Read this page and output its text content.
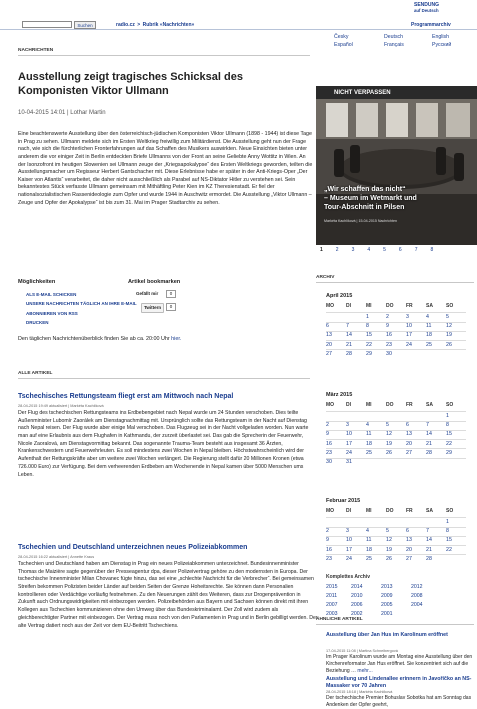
Suchen	radio.cz > Rubrik «Nachrichten»
SENDUNG
auf Deutsch
Programmarchiv
Česky	Deutsch	English
Español	Français	Русский
NACHRICHTEN
Ausstellung zeigt tragisches Schicksal des Komponisten Viktor Ullmann
10-04-2015 14:01 | Lothar Martin
Eine beachtenswerte Ausstellung über den österreichisch-jüdischen Komponisten Viktor Ullmann (1898 - 1944) ist diese Tage in Prag zu sehen. Ullmann meldete sich im Ersten Weltkrieg freiwillig zum Militärdienst. Die Ausstellung geht nun der Frage nach, wie sich die fürchterlichen Fronterfahrungen auf das Schaffen des Musikers auswirkten. Neue Einsichten bieten unter anderem die vor einiger Zeit in Berlin entdeckten Briefe Ullmanns von der Front an seine Geliebte Anny Wottitz in Wien. An der Isonzofront im heutigen Slowenien sei Ullmann zeuge der „Kriegsapokalypse“ des Ersten Weltkriegs geworden, teilten die Ausstellungsmacher um Regisseur Herbert Gantschacher mit. Diese Erlebnisse habe er später in der Anti-Kriegs-Oper „Der Kaiser von Atlantis“ verarbeitet, die daher nicht ausschließlich als Parabel auf NS-Diktator Hitler zu verstehen sei. Sein bekanntestes Stück verfasste Ullmann gemeinsam mit Mithäftling Peter Kien im KZ Theresienstadt. Er fiel der nationalsozialistischen Rassenideologie zum Opfer und wurde 1944 in Auschwitz ermordet. Die Ausstellung „Viktor Ullmann – Zeuge und Opfer der Apokalypse“ ist bis zum 31. Mai im Prager Stadtarchiv zu sehen.
Möglichkeiten
ALS E-MAIL SCHICKEN
UNSERE NACHRICHTEN TÄGLICH AN IHRE E-MAIL
ABONNIEREN VON RSS
DRUCKEN
Artikel bookmarken
Gefällt mir	0
Twittern	0
Den täglichen Nachrichtenüberblick finden Sie ab ca. 20:00 Uhr hier.
ALLE ARTIKEL
Tschechisches Rettungsteam fliegt erst am Mittwoch nach Nepal
28-04-2015 19:49 aktualisiert | Markéta Kachlíková
Der Flug des tschechischen Rettungsteams ins Erdbebengebiet nach Nepal wurde um 24 Stunden verschoben. Dies teilte Außenminister Lubomír Zaorálek am Dienstagnachmittag mit. Ursprünglich sollte das Rettungsteam in der Nacht auf Dienstag nach Nepal reisen. Der Flug wurde aber einige Mal verschoben. Das Flugzeug sei in der Nacht vollgeladen worden. Nun warte man auf eine Erlaubnis aus dem Flughafen in Kathmandu, der zurzeit überlastet sei. Das gab die Sprecherin der Feuerwehr, Nicole Zaoralová, am Dienstagvormittag bekannt. Das sogenannte Trauma-Team besteht aus insgesamt 36 Ärzten, Krankenschwestern und Feuerwehrleuten. Es soll mindestens zwei Wochen in Nepal bleiben. Höchstwahrscheinlich wird der Aufenthalt der Rettungskräfte aber um weitere zwei Wochen verlängert. Die Regierung stellt dafür 20 Millionen Kronen (etwa 726.000 Euro) zur Verfügung. Bei dem verheerenden Erdbeben am Wochenende in Nepal kamen über 5000 Menschen ums Leben.
Tschechien und Deutschland unterzeichnen neues Polizeiabkommen
28-04-2015 16:22 aktualisiert | Annette Kraus
Tschechien und Deutschland haben am Dienstag in Prag ein neues Polizeiabkommen unterzeichnet. Bundesinnenminister Thomas de Maizière sagte gegenüber der Presseagentur dpa, dieser Polizeivertrag gehöre zu den modernsten in Europa. Der tschechische Innenminister Milan Chovanec fügte hinzu, das sei eine „schlechte Nachricht für die Verbrecher“. Bei gemeinsamen Streifen bekommen Polizisten beider Länder auf beiden Seiten der Grenze Hoheitsrechte. Sie können dann Personalien kontrollieren oder Verdächtige vorläufig festnehmen. Zu den Neuerungen zählt des Weiteren, dass zur Drogenprävention in Zukunft auch Ordnungswidrigkeiten mit einbezogen werden. Polizeibehörden aus Bayern und Sachsen können direkt mit ihren Kollegen aus Tschechien kommunizieren ohne den Umweg über das Bundeskriminalamt. Der Zoll wird zudem als gleichberechtigter Partner mit einbezogen. Der Vertrag muss noch von den Parlamenten in Prag und in Berlin gebilligt werden. Der alte Vertrag datiert noch aus der Zeit vor dem EU-Beitritt Tschechiens.
NICHT VERPASSEN
„Wir schaffen das nicht“
– Museum im Wetmarkt und
Tour-Abschnitt in Pilsen
Markéta Kachlíková | 15-04-2015 Nachrichten
1	2	3	4	5	6	7	8
ARCHIV
April 2015
MO	DI	MI	DO	FR	SA	SO
		1	2	3	4	5
6	7	8	9	10	11	12
13	14	15	16	17	18	19
20	21	22	23	24	25	26
27	28	29	30			
März 2015
MO	DI	MI	DO	FR	SA	SO
						1
2	3	4	5	6	7	8
9	10	11	12	13	14	15
16	17	18	19	20	21	22
23	24	25	26	27	28	29
30	31					
Februar 2015
MO	DI	MI	DO	FR	SA	SO
						1
2	3	4	5	6	7	8
9	10	11	12	13	14	15
16	17	18	19	20	21	22
23	24	25	26	27	28	
Komplettes Archiv
2015	2014	2013	2012
2011	2010	2009	2008
2007	2006	2005	2004
2003	2002	2001
ÄHNLICHE ARTIKEL
Ausstellung über Jan Hus im Karolinum eröffnet
17-04-2015 11:08 | Martina Schneibergová
Im Prager Karolinum wurde am Montag eine Ausstellung über den Kirchenreformator Jan Hus eröffnet. Sie konzentriert sich auf die Beziehung … mehr...
Ausstellung und Lindenallee erinnern in Javoříčko an NS-Massaker vor 70 Jahren
28-04-2015 18:18 | Markéta Kachlíková
Der tschechische Premier Bohuslav Sobotka hat am Sonntag das Andenken der Opfer geehrt,
